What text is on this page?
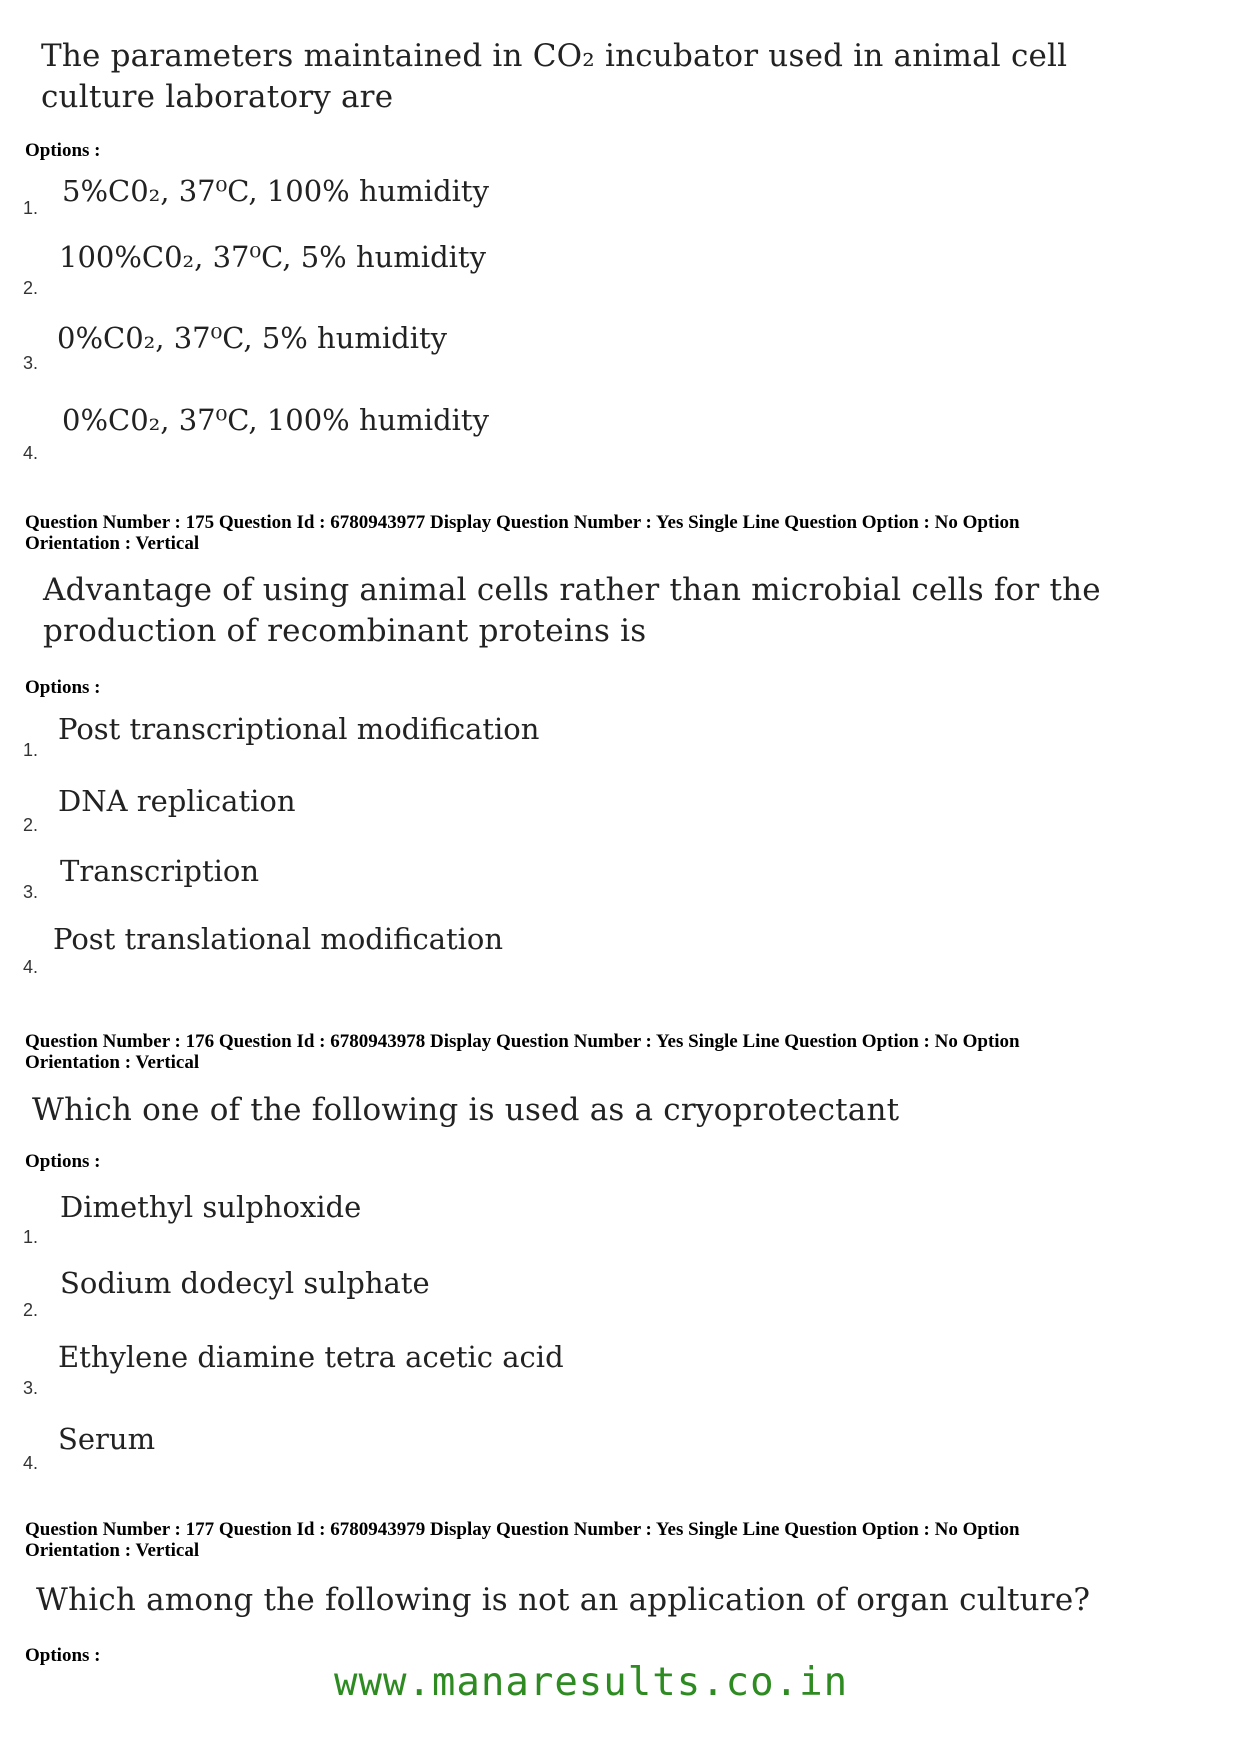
The parameters maintained in CO₂ incubator used in animal cell
culture laboratory are
Options :
1. 5%C0₂, 37⁰C, 100% humidity
2.
100%C0₂, 37⁰C, 5% humidity
3.
0%C0₂, 37⁰C, 5% humidity
4.
0%C0₂, 37⁰C, 100% humidity
Question Number : 175 Question Id : 6780943977 Display Question Number : Yes Single Line Question Option : No Option
Orientation : Vertical
Advantage of using animal cells rather than microbial cells for the
production of recombinant proteins is
Options :
1.
Post transcriptional modification
2.
DNA replication
3.
Transcription
4.
Post translational modification
Question Number : 176 Question Id : 6780943978 Display Question Number : Yes Single Line Question Option : No Option
Orientation : Vertical
Which one of the following is used as a cryoprotectant
Options :
1.
Dimethyl sulphoxide
2.
Sodium dodecyl sulphate
3.
Ethylene diamine tetra acetic acid
4.
Serum
Question Number : 177 Question Id : 6780943979 Display Question Number : Yes Single Line Question Option : No Option
Orientation : Vertical
Which among the following is not an application of organ culture?
Options :
www.manaresults.co.in
